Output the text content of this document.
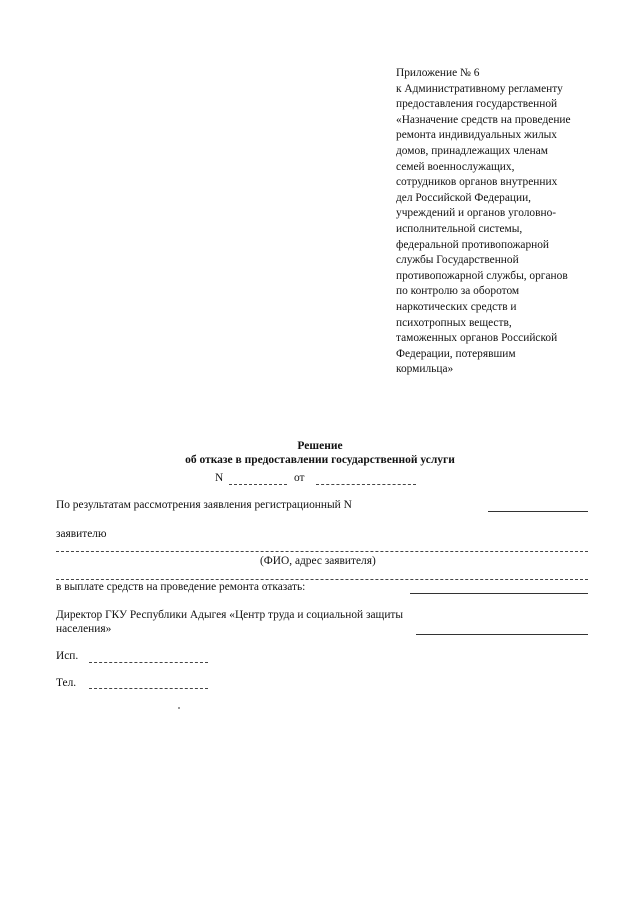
Приложение № 6
к Административному регламенту
предоставления государственной
«Назначение средств на проведение
ремонта индивидуальных жилых
домов, принадлежащих членам
семей военнослужащих,
сотрудников органов внутренних
дел Российской Федерации,
учреждений и органов уголовно-
исполнительной системы,
федеральной противопожарной
службы Государственной
противопожарной службы, органов
по контролю за оборотом
наркотических средств и
психотропных веществ,
таможенных органов Российской
Федерации, потерявшим
кормильца»
Решение
об отказе в предоставлении государственной услуги
N	от
По результатам рассмотрения заявления регистрационный N
заявителю
(ФИО, адрес заявителя)
в выплате средств на проведение ремонта отказать:
Директор ГКУ Республики Адыгея «Центр труда и социальной защиты
населения»
Исп.
Тел.
